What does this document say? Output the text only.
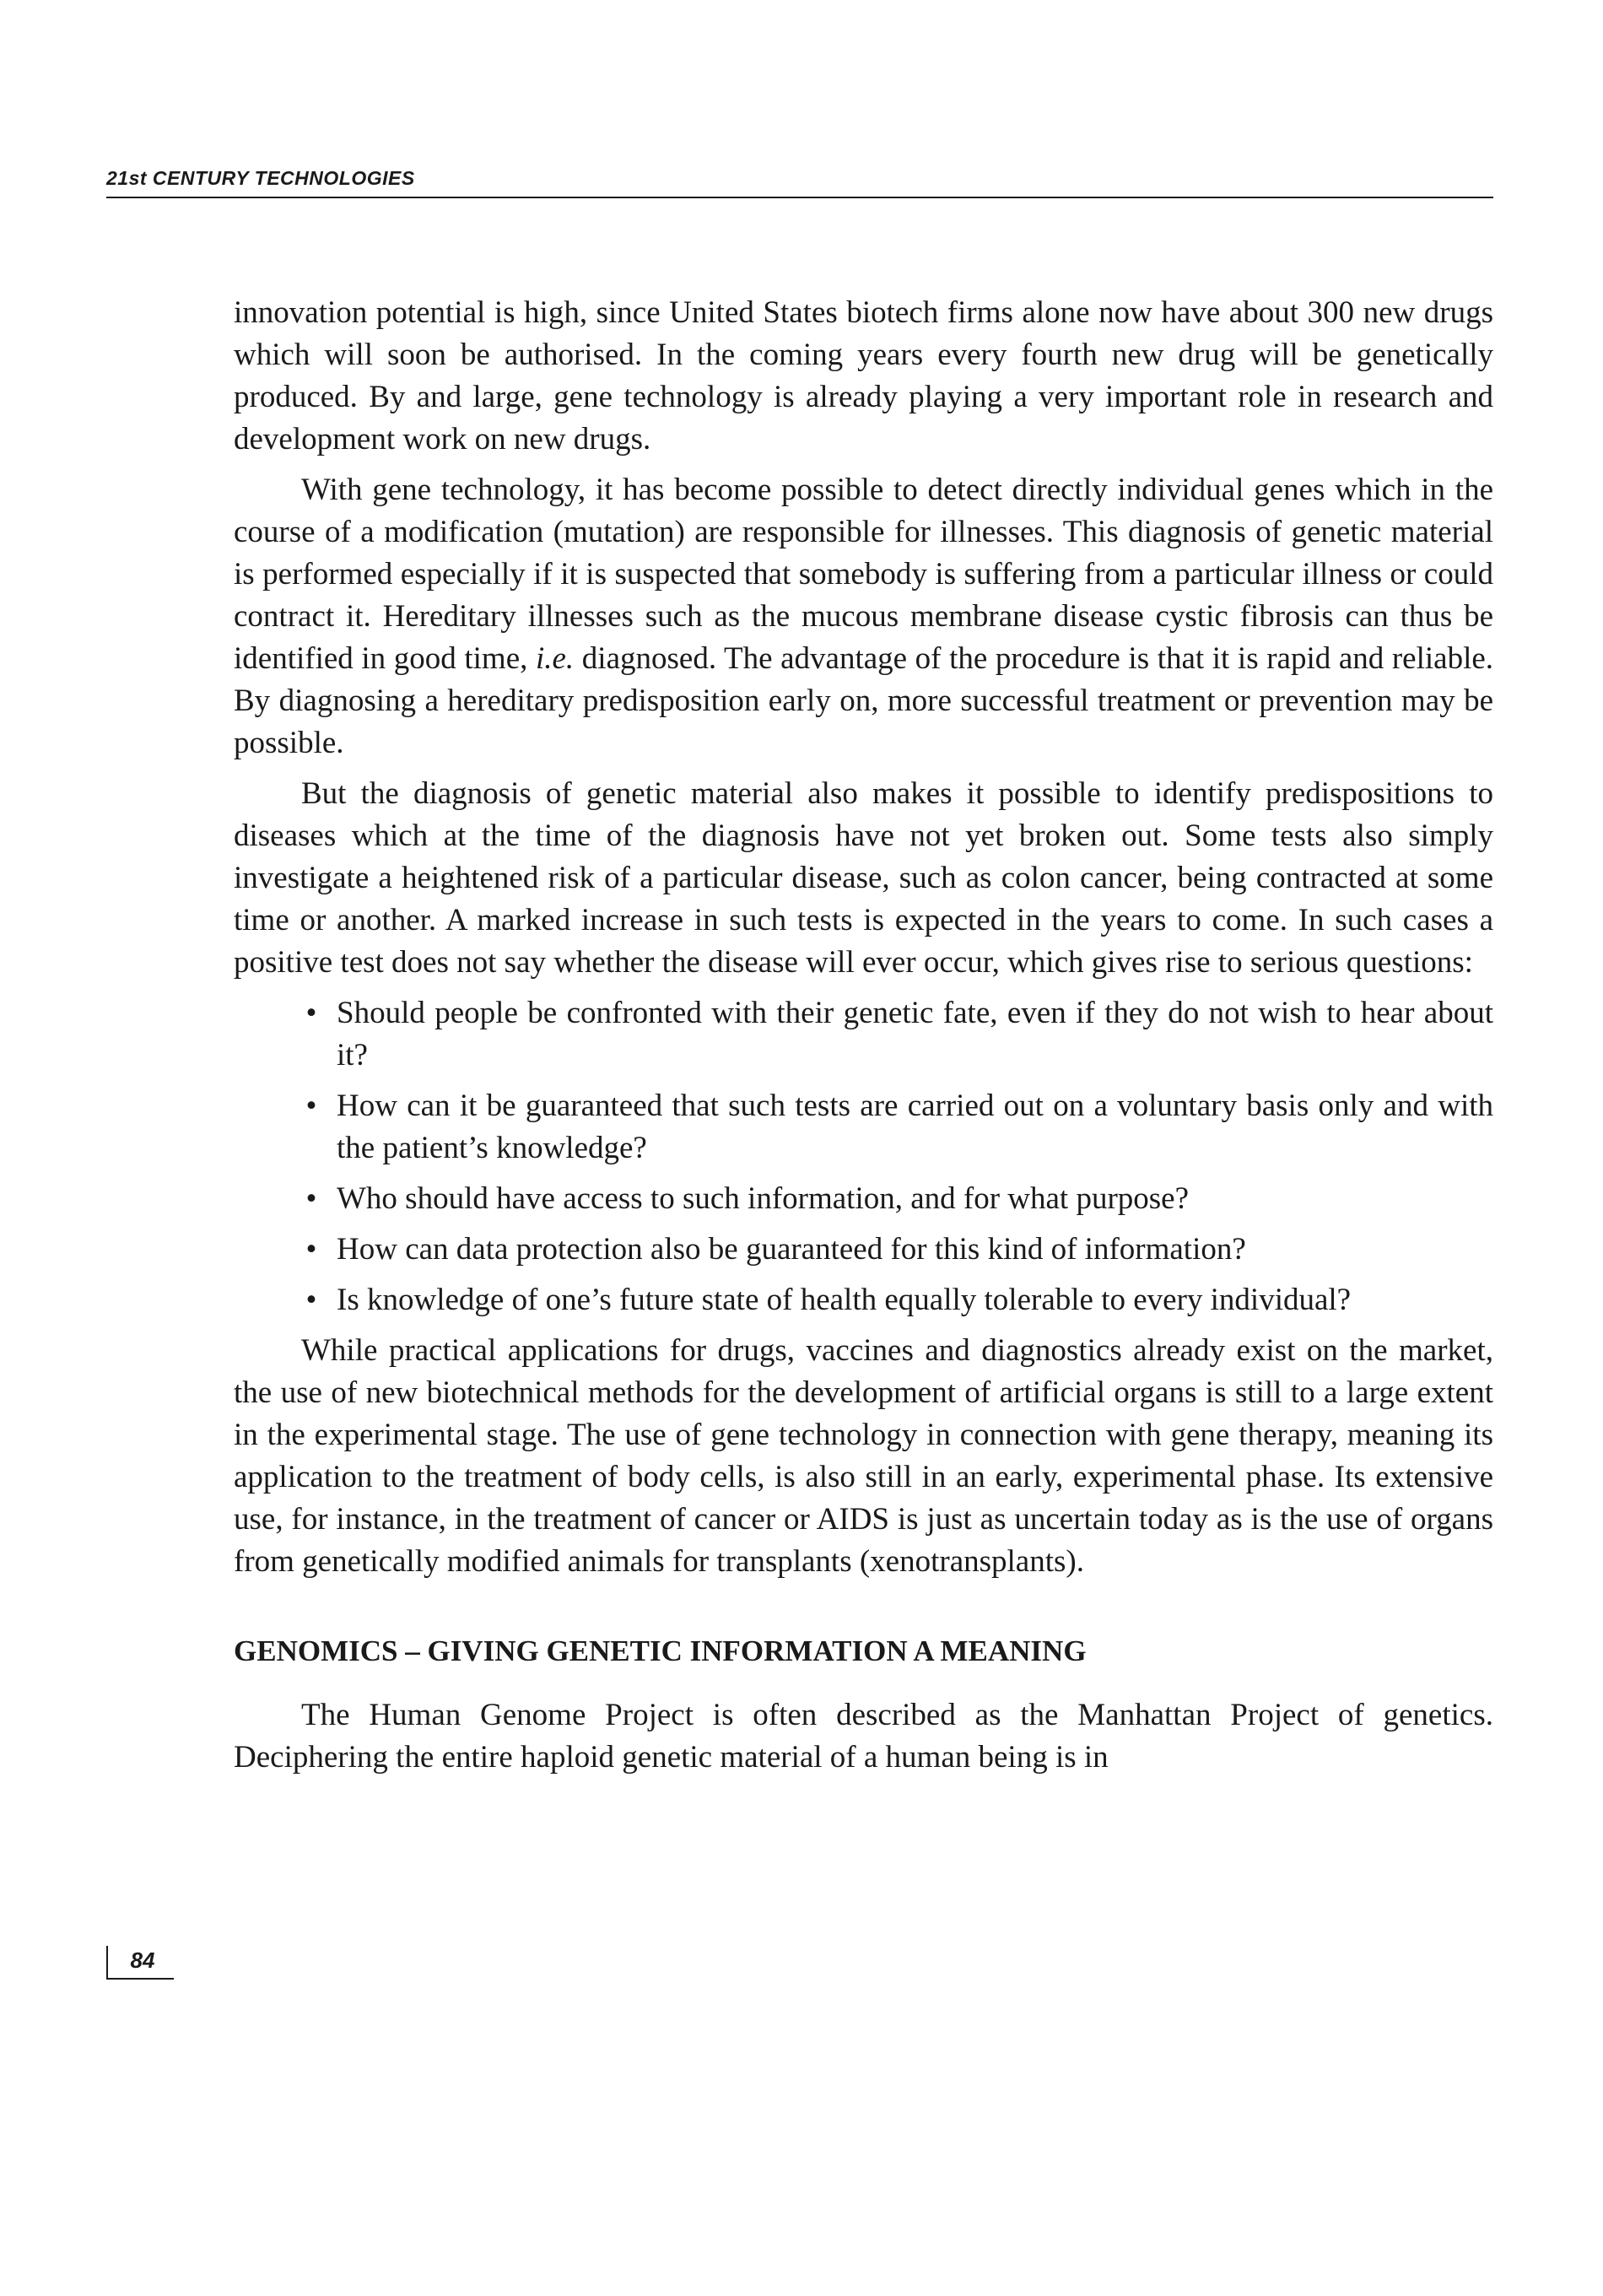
21st CENTURY TECHNOLOGIES

innovation potential is high, since United States biotech firms alone now have about 300 new drugs which will soon be authorised. In the coming years every fourth new drug will be genetically produced. By and large, gene technology is already playing a very important role in research and development work on new drugs.

With gene technology, it has become possible to detect directly individual genes which in the course of a modification (mutation) are responsible for illnesses. This diagnosis of genetic material is performed especially if it is suspected that somebody is suffering from a particular illness or could contract it. Hereditary illnesses such as the mucous membrane disease cystic fibrosis can thus be identified in good time, i.e. diagnosed. The advantage of the procedure is that it is rapid and reliable. By diagnosing a hereditary predisposition early on, more successful treatment or prevention may be possible.

But the diagnosis of genetic material also makes it possible to identify predispositions to diseases which at the time of the diagnosis have not yet broken out. Some tests also simply investigate a heightened risk of a particular disease, such as colon cancer, being contracted at some time or another. A marked increase in such tests is expected in the years to come. In such cases a positive test does not say whether the disease will ever occur, which gives rise to serious questions:

• Should people be confronted with their genetic fate, even if they do not wish to hear about it?
• How can it be guaranteed that such tests are carried out on a voluntary basis only and with the patient’s knowledge?
• Who should have access to such information, and for what purpose?
• How can data protection also be guaranteed for this kind of information?
• Is knowledge of one’s future state of health equally tolerable to every individual?

While practical applications for drugs, vaccines and diagnostics already exist on the market, the use of new biotechnical methods for the development of artificial organs is still to a large extent in the experimental stage. The use of gene technology in connection with gene therapy, meaning its application to the treatment of body cells, is also still in an early, experimental phase. Its extensive use, for instance, in the treatment of cancer or AIDS is just as uncertain today as is the use of organs from genetically modified animals for transplants (xenotransplants).

GENOMICS – GIVING GENETIC INFORMATION A MEANING

The Human Genome Project is often described as the Manhattan Project of genetics. Deciphering the entire haploid genetic material of a human being is in

84
